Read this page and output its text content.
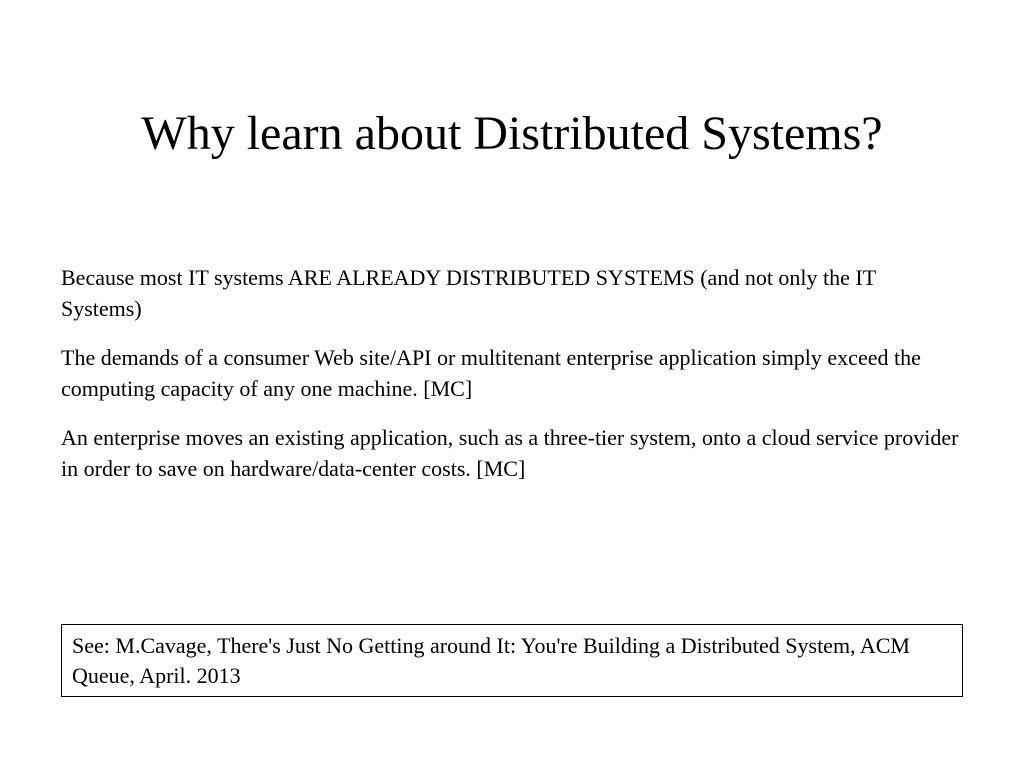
Why learn about Distributed Systems?

Because most IT systems ARE ALREADY DISTRIBUTED SYSTEMS (and not only the IT Systems)

The demands of a consumer Web site/API or multitenant enterprise application simply exceed the computing capacity of any one machine. [MC]

An enterprise moves an existing application, such as a three-tier system, onto a cloud service provider in order to save on hardware/data-center costs. [MC]

See: M.Cavage, There's Just No Getting around It: You're Building a Distributed System, ACM Queue, April. 2013
